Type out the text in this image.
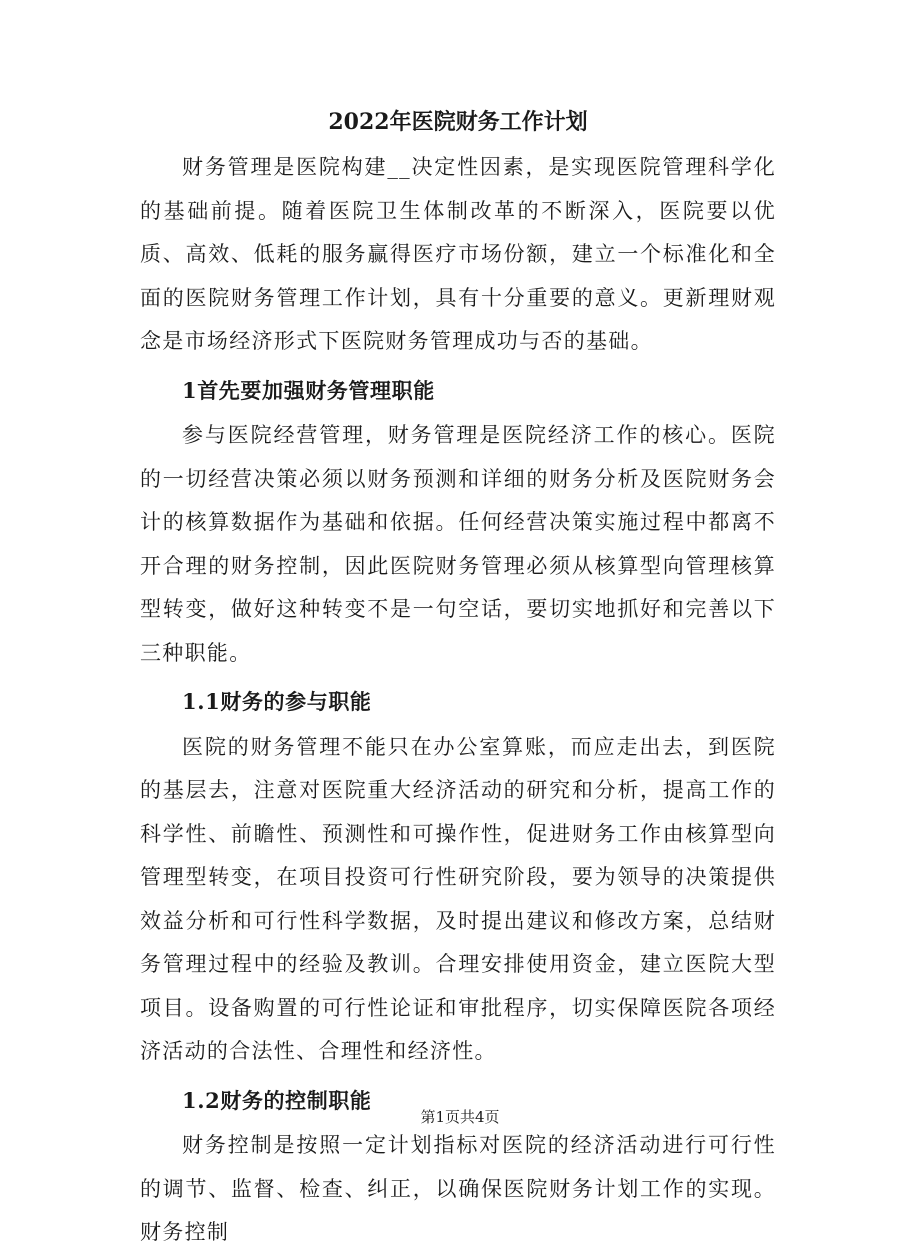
2022年医院财务工作计划

财务管理是医院构建__决定性因素，是实现医院管理科学化的基础前提。随着医院卫生体制改革的不断深入，医院要以优质、高效、低耗的服务赢得医疗市场份额，建立一个标准化和全面的医院财务管理工作计划，具有十分重要的意义。更新理财观念是市场经济形式下医院财务管理成功与否的基础。

1首先要加强财务管理职能

参与医院经营管理，财务管理是医院经济工作的核心。医院的一切经营决策必须以财务预测和详细的财务分析及医院财务会计的核算数据作为基础和依据。任何经营决策实施过程中都离不开合理的财务控制，因此医院财务管理必须从核算型向管理核算型转变，做好这种转变不是一句空话，要切实地抓好和完善以下三种职能。

1.1财务的参与职能

医院的财务管理不能只在办公室算账，而应走出去，到医院的基层去，注意对医院重大经济活动的研究和分析，提高工作的科学性、前瞻性、预测性和可操作性，促进财务工作由核算型向管理型转变，在项目投资可行性研究阶段，要为领导的决策提供效益分析和可行性科学数据，及时提出建议和修改方案，总结财务管理过程中的经验及教训。合理安排使用资金，建立医院大型项目。设备购置的可行性论证和审批程序，切实保障医院各项经济活动的合法性、合理性和经济性。

1.2财务的控制职能

财务控制是按照一定计划指标对医院的经济活动进行可行性的调节、监督、检查、纠正，以确保医院财务计划工作的实现。财务控制

第1页共4页
